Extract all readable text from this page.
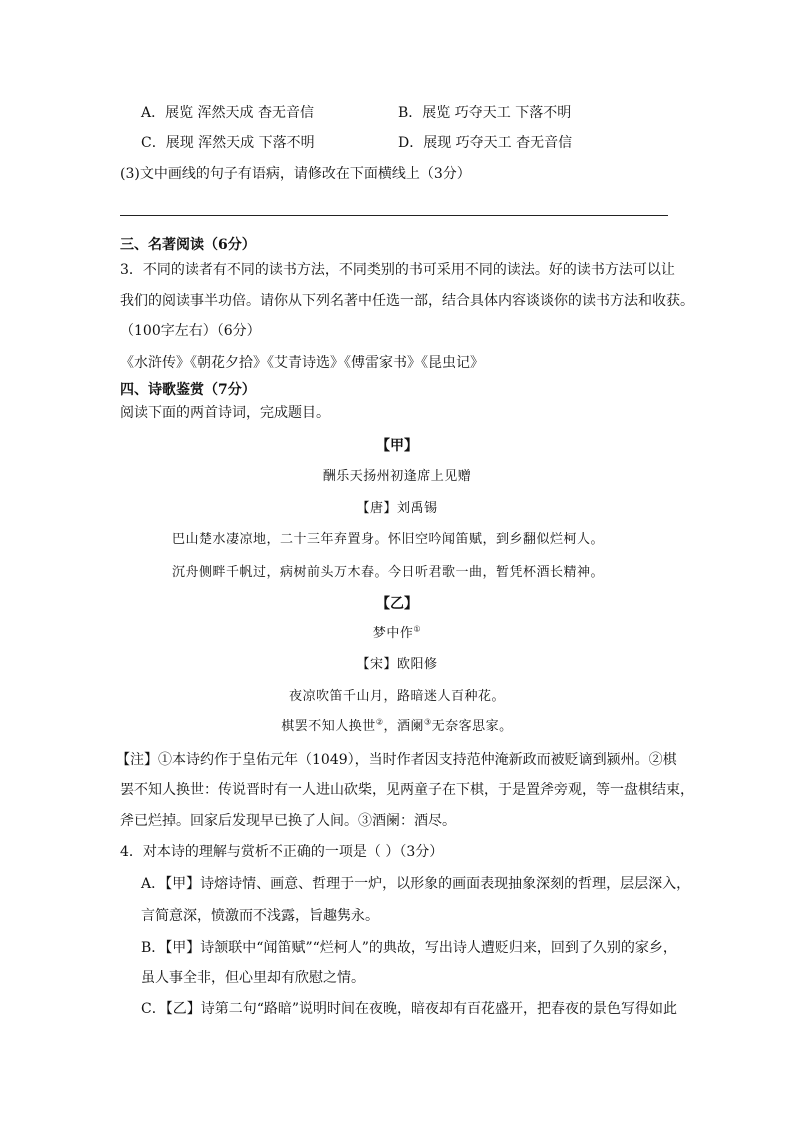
A．展览 浑然天成 杳无音信	B．展览 巧夺天工 下落不明
C．展现 浑然天成 下落不明	D．展现 巧夺天工 杳无音信
(3)文中画线的句子有语病，请修改在下面横线上（3分）
三、名著阅读（6分）
3．不同的读者有不同的读书方法，不同类别的书可采用不同的读法。好的读书方法可以让
我们的阅读事半功倍。请你从下列名著中任选一部，结合具体内容谈谈你的读书方法和收获。
（100字左右）（6分）
《水浒传》《朝花夕拾》《艾青诗选》《傅雷家书》《昆虫记》
四、诗歌鉴赏（7分）
阅读下面的两首诗词，完成题目。
【甲】
酬乐天扬州初逢席上见赠
【唐】刘禹锡
巴山楚水凄凉地，二十三年弃置身。怀旧空吟闻笛赋，到乡翻似烂柯人。
沉舟侧畔千帆过，病树前头万木春。今日听君歌一曲，暂凭杯酒长精神。
【乙】
梦中作①
【宋】欧阳修
夜凉吹笛千山月，路暗迷人百种花。
棋罢不知人换世②，酒阑③无奈客思家。
【注】①本诗约作于皇佑元年（1049），当时作者因支持范仲淹新政而被贬谪到颍州。②棋
罢不知人换世：传说晋时有一人进山砍柴，见两童子在下棋，于是置斧旁观，等一盘棋结束，
斧已烂掉。回家后发现早已换了人间。③酒阑：酒尽。
4．对本诗的理解与赏析不正确的一项是（ ）（3分）
A．【甲】诗熔诗情、画意、哲理于一炉，以形象的画面表现抽象深刻的哲理，层层深入，
言简意深，愤激而不浅露，旨趣隽永。
B．【甲】诗颔联中“闻笛赋”“烂柯人”的典故，写出诗人遭贬归来，回到了久别的家乡，
虽人事全非，但心里却有欣慰之情。
C．【乙】诗第二句“路暗”说明时间在夜晚，暗夜却有百花盛开，把春夜的景色写得如此
